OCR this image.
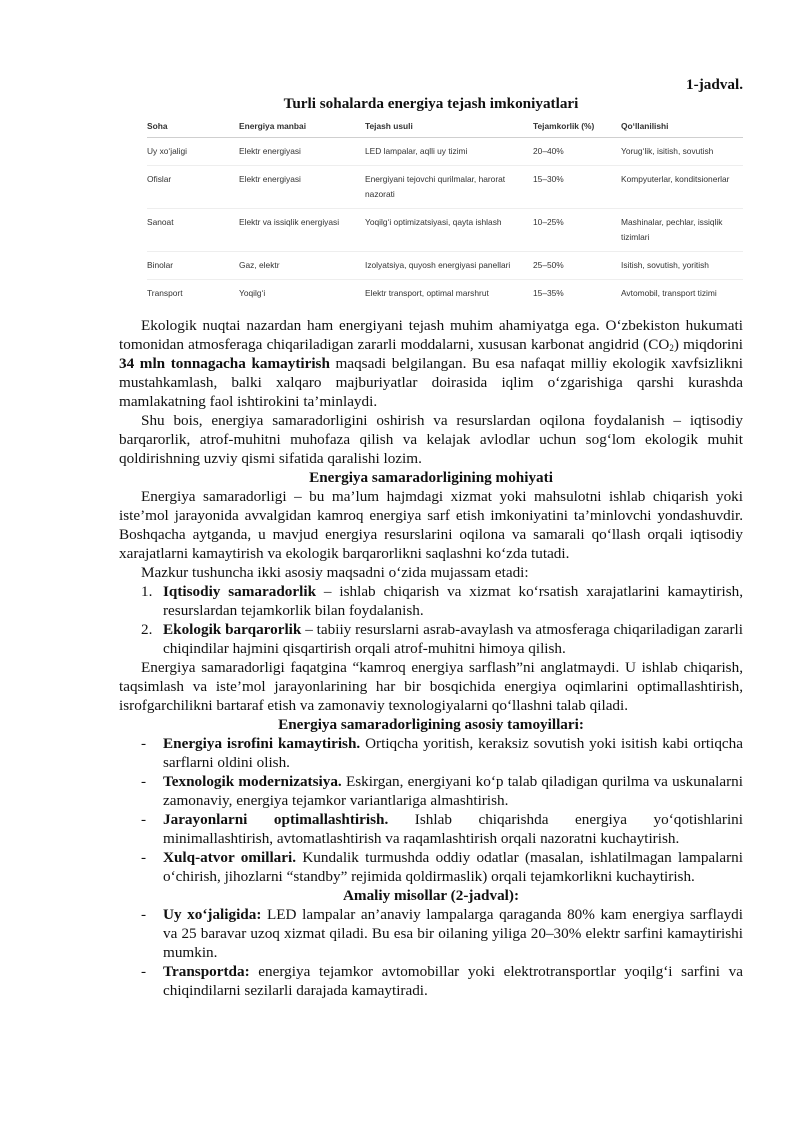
1-jadval.
Turli sohalarda energiya tejash imkoniyatlari
Soha	Energiya manbai	Tejash usuli	Tejamkorlik (%)	Qo‘llanilishi
Uy xo‘jaligi	Elektr energiyasi	LED lampalar, aqlli uy tizimi	20–40%	Yorug‘lik, isitish, sovutish
Ofislar	Elektr energiyasi	Energiyani tejovchi qurilmalar, harorat nazorati	15–30%	Kompyuterlar, konditsionerlar
Sanoat	Elektr va issiqlik energiyasi	Yoqilg‘i optimizatsiyasi, qayta ishlash	10–25%	Mashinalar, pechlar, issiqlik tizimlari
Binolar	Gaz, elektr	Izolyatsiya, quyosh energiyasi panellari	25–50%	Isitish, sovutish, yoritish
Transport	Yoqilg‘i	Elektr transport, optimal marshrut	15–35%	Avtomobil, transport tizimi

Ekologik nuqtai nazardan ham energiyani tejash muhim ahamiyatga ega. O‘zbekiston hukumati tomonidan atmosferaga chiqariladigan zararli moddalarni, xususan karbonat angidrid $(CO_2)$ miqdorini 34 mln tonnagacha kamaytirish maqsadi belgilangan. Bu esa nafaqat milliy ekologik xavfsizlikni mustahkamlash, balki xalqaro majburiyatlar doirasida iqlim o‘zgarishiga qarshi kurashda mamlakatning faol ishtirokini ta’minlaydi.

Shu bois, energiya samaradorligini oshirish va resurslardan oqilona foydalanish – iqtisodiy barqarorlik, atrof-muhitni muhofaza qilish va kelajak avlodlar uchun sog‘lom ekologik muhit qoldirishning uzviy qismi sifatida qaralishi lozim.

Energiya samaradorligining mohiyati

Energiya samaradorligi – bu ma’lum hajmdagi xizmat yoki mahsulotni ishlab chiqarish yoki iste’mol jarayonida avvalgidan kamroq energiya sarf etish imkoniyatini ta’minlovchi yondashuvdir. Boshqacha aytganda, u mavjud energiya resurslarini oqilona va samarali qo‘llash orqali iqtisodiy xarajatlarni kamaytirish va ekologik barqarorlikni saqlashni ko‘zda tutadi.

Mazkur tushuncha ikki asosiy maqsadni o‘zida mujassam etadi:

1. Iqtisodiy samaradorlik – ishlab chiqarish va xizmat ko‘rsatish xarajatlarini kamaytirish, resurslardan tejamkorlik bilan foydalanish.
2. Ekologik barqarorlik – tabiiy resurslarni asrab-avaylash va atmosferaga chiqariladigan zararli chiqindilar hajmini qisqartirish orqali atrof-muhitni himoya qilish.

Energiya samaradorligi faqatgina “kamroq energiya sarflash”ni anglatmaydi. U ishlab chiqarish, taqsimlash va iste’mol jarayonlarining har bir bosqichida energiya oqimlarini optimallashtirish, isrofgarchilikni bartaraf etish va zamonaviy texnologiyalarni qo‘llashni talab qiladi.

Energiya samaradorligining asosiy tamoyillari:
- Energiya isrofini kamaytirish. Ortiqcha yoritish, keraksiz sovutish yoki isitish kabi ortiqcha sarflarni oldini olish.
- Texnologik modernizatsiya. Eskirgan, energiyani ko‘p talab qiladigan qurilma va uskunalarni zamonaviy, energiya tejamkor variantlariga almashtirish.
- Jarayonlarni optimallashtirish. Ishlab chiqarishda energiya yo‘qotishlarini minimallashtirish, avtomatlashtirish va raqamlashtirish orqali nazoratni kuchaytirish.
- Xulq-atvor omillari. Kundalik turmushda oddiy odatlar (masalan, ishlatilmagan lampalarni o‘chirish, jihozlarni “standby” rejimida qoldirmaslik) orqali tejamkorlikni kuchaytirish.
Amaliy misollar (2-jadval):
- Uy xo‘jaligida: LED lampalar an’anaviy lampalarga qaraganda 80% kam energiya sarflaydi va 25 baravar uzoq xizmat qiladi. Bu esa bir oilaning yiliga 20–30% elektr sarfini kamaytirishi mumkin.
- Transportda: energiya tejamkor avtomobillar yoki elektrotransportlar yoqilg‘i sarfini va chiqindilarni sezilarli darajada kamaytiradi.
